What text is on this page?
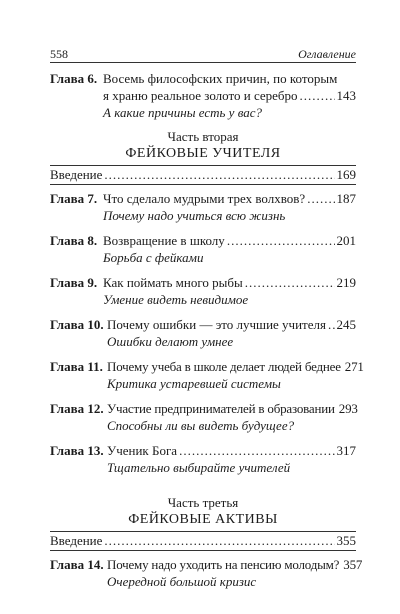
558	Оглавление
Глава 6. Восемь философских причин, по которым
я храню реальное золото и серебро .....	143
А какие причины есть у вас?
Часть вторая
ФЕЙКОВЫЕ УЧИТЕЛЯ
Введение .....	169
Глава 7. Что сделало мудрыми трех волхвов? ..... 187
Почему надо учиться всю жизнь
Глава 8. Возвращение в школу .....	201
Борьба с фейками
Глава 9. Как поймать много рыбы .....	219
Умение видеть невидимое
Глава 10. Почему ошибки — это лучшие учителя ..... 245
Ошибки делают умнее
Глава 11. Почему учеба в школе делает людей беднее 271
Критика устаревшей системы
Глава 12. Участие предпринимателей в образовании 293
Способны ли вы видеть будущее?
Глава 13. Ученик Бога .....	317
Тщательно выбирайте учителей
Часть третья
ФЕЙКОВЫЕ АКТИВЫ
Введение .....	355
Глава 14. Почему надо уходить на пенсию молодым? 357
Очередной большой кризис
